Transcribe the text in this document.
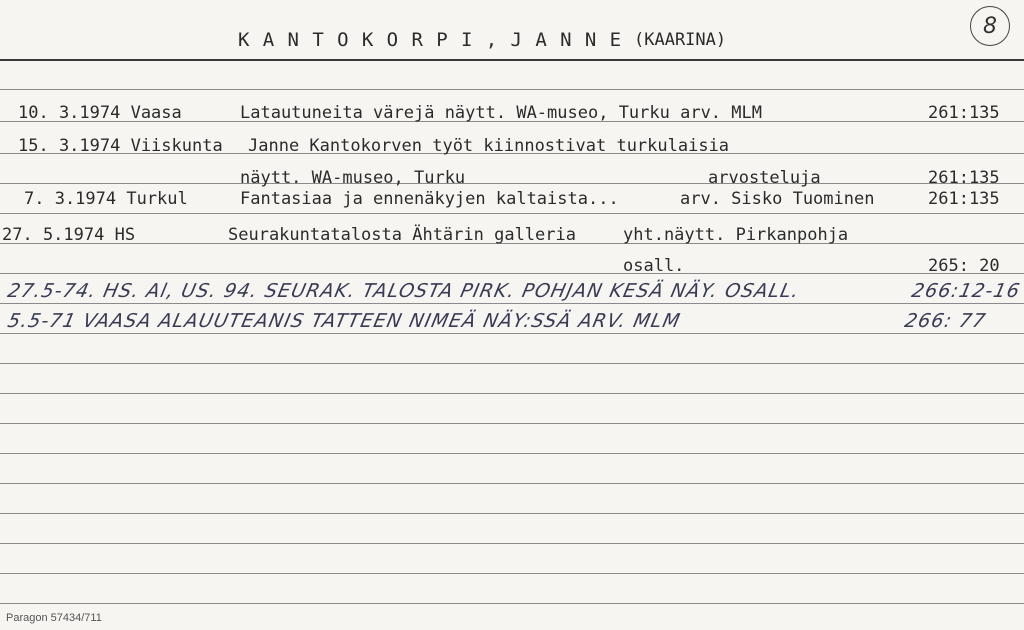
K A N T O K O R P I , J A N N E (KAARINA)
8
10. 3.1974 Vaasa	Latautuneita värejä näytt. WA-museo, Turku arv. MLM	261:135
15. 3.1974 Viiskunta Janne Kantokorven työt kiinnostivat turkulaisia
näytt. WA-museo, Turku	arvosteluja	261:135
7. 3.1974 Turkul	Fantasiaa ja ennenäkyjen kaltaista...	arv. Sisko Tuominen	261:135
27. 5.1974 HS	Seurakuntatalosta Ähtärin galleria	yht.näytt. Pirkanpohja
osall.	265: 20
27.5-74. HS. Al, US. 94. SEURAK. TALOSTA PIRK. POHJAN KESÄ NÄY. OSALL.	266:12-16
5.5-71 VAASA ALAUUTEANIS TATTEEN NIMEÄ NÄY:SSÄ ARV. MLM	266: 77
Paragon 57434/711
